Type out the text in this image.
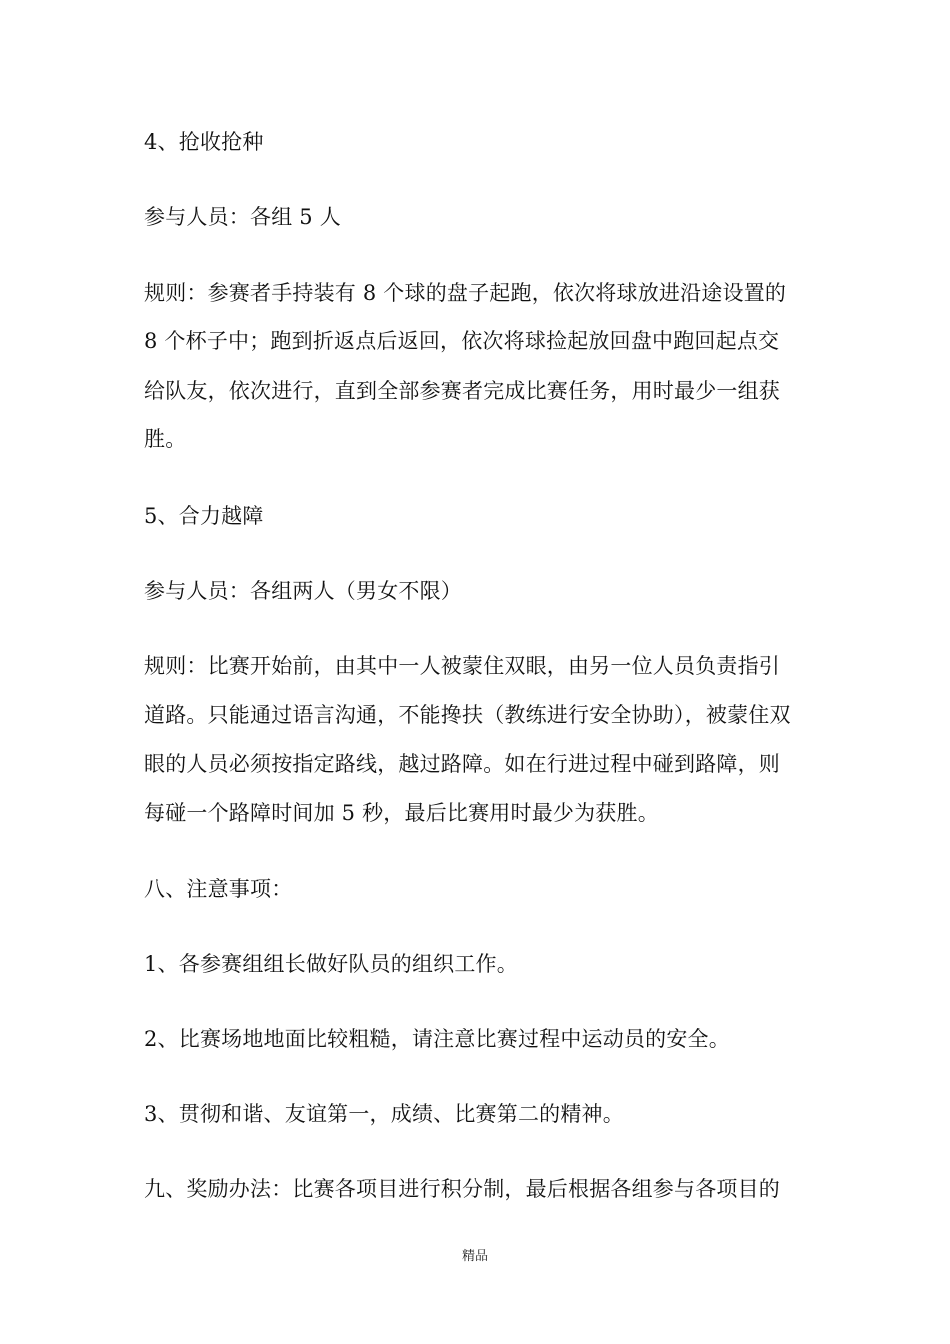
4、抢收抢种
参与人员：各组 5 人
规则：参赛者手持装有 8 个球的盘子起跑，依次将球放进沿途设置的
8 个杯子中；跑到折返点后返回，依次将球捡起放回盘中跑回起点交
给队友，依次进行，直到全部参赛者完成比赛任务，用时最少一组获
胜。
5、合力越障
参与人员：各组两人（男女不限）
规则：比赛开始前，由其中一人被蒙住双眼，由另一位人员负责指引
道路。只能通过语言沟通，不能搀扶（教练进行安全协助），被蒙住双
眼的人员必须按指定路线，越过路障。如在行进过程中碰到路障，则
每碰一个路障时间加 5 秒，最后比赛用时最少为获胜。
八、注意事项：
1、各参赛组组长做好队员的组织工作。
2、比赛场地地面比较粗糙，请注意比赛过程中运动员的安全。
3、贯彻和谐、友谊第一，成绩、比赛第二的精神。
九、奖励办法：比赛各项目进行积分制，最后根据各组参与各项目的
精品
